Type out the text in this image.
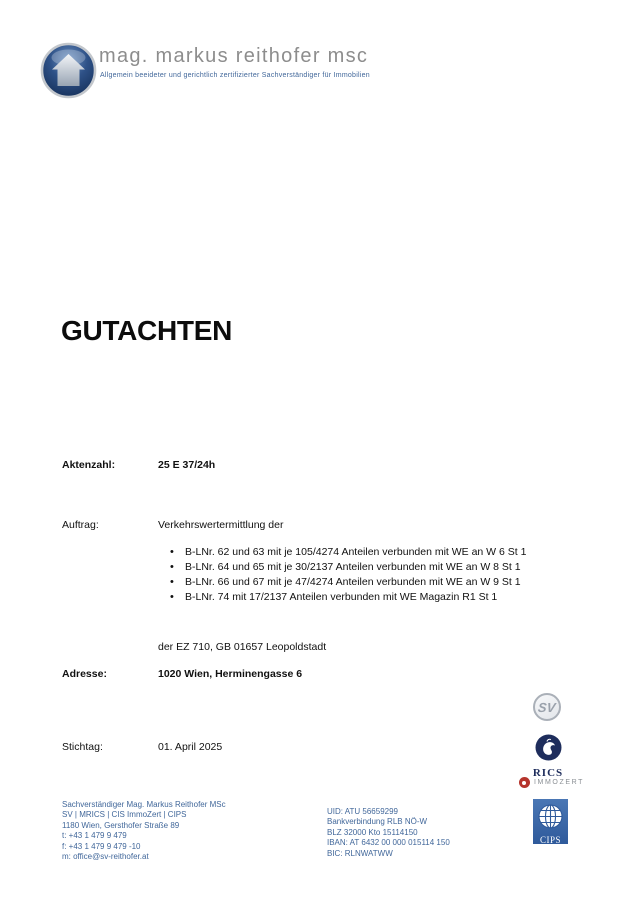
mag. markus reithofer msc
Allgemein beeideter und gerichtlich zertifizierter Sachverständiger für Immobilien
GUTACHTEN
Aktenzahl:	25 E 37/24h
Auftrag:	Verkehrswertermittlung der
• B-LNr. 62 und 63 mit je 105/4274 Anteilen verbunden mit WE an W 6 St 1
• B-LNr. 64 und 65 mit je 30/2137 Anteilen verbunden mit WE an W 8 St 1
• B-LNr. 66 und 67 mit je 47/4274 Anteilen verbunden mit WE an W 9 St 1
• B-LNr. 74 mit 17/2137 Anteilen verbunden mit WE Magazin R1 St 1
der EZ 710, GB 01657 Leopoldstadt
Adresse:	1020 Wien, Herminengasse 6
Stichtag:	01. April 2025
SV
RICS
IMMOZERT
CIPS
Sachverständiger Mag. Markus Reithofer MSc
SV | MRICS | CIS ImmoZert | CIPS
1180 Wien, Gersthofer Straße 89
t: +43 1 479 9 479
f: +43 1 479 9 479 -10
m: office@sv-reithofer.at
UID: ATU 56659299
Bankverbindung RLB NÖ-W
BLZ 32000 Kto 15114150
IBAN: AT 6432 00 000 015114 150
BIC: RLNWATWW
